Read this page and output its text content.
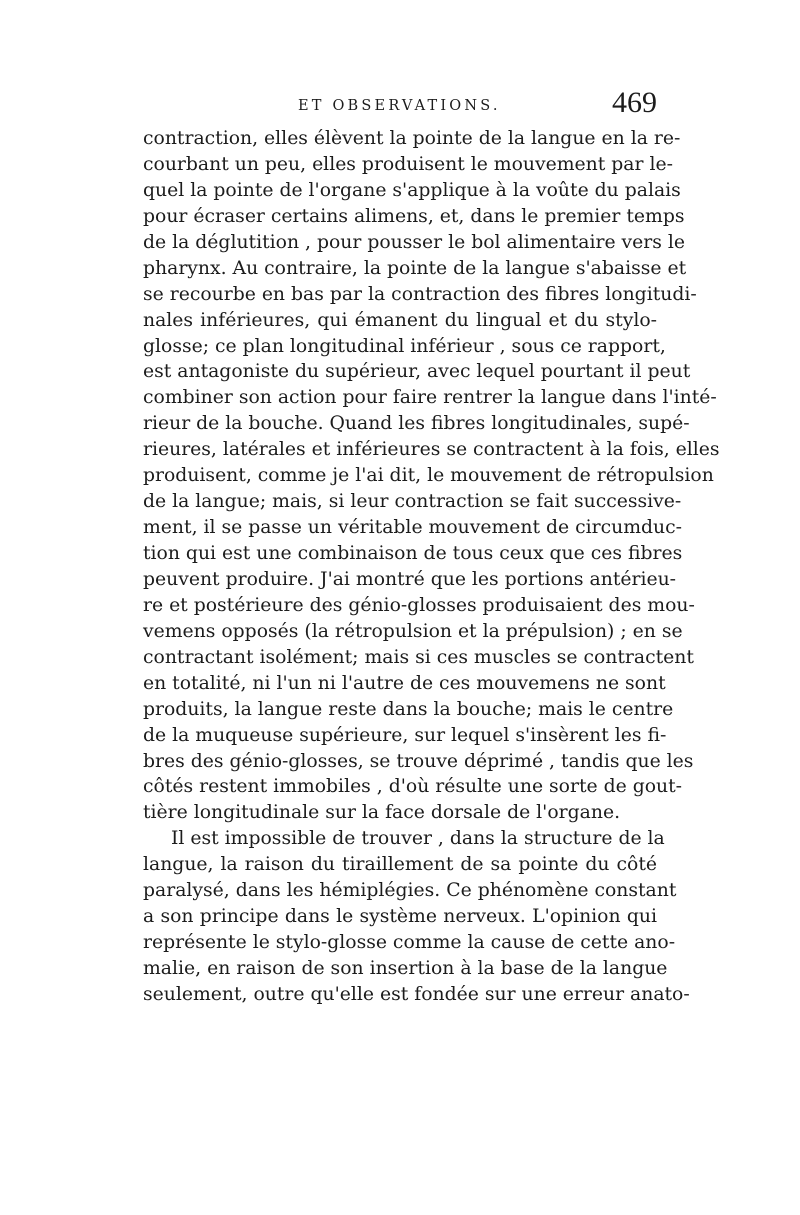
ET OBSERVATIONS.	469
contraction, elles élèvent la pointe de la langue en la re-
courbant un peu, elles produisent le mouvement par le-
quel la pointe de l'organe s'applique à la voûte du palais
pour écraser certains alimens, et, dans le premier temps
de la déglutition , pour pousser le bol alimentaire vers le
pharynx. Au contraire, la pointe de la langue s'abaisse et
se recourbe en bas par la contraction des fibres longitudi-
nales inférieures, qui émanent du lingual et du stylo-
glosse; ce plan longitudinal inférieur , sous ce rapport,
est antagoniste du supérieur, avec lequel pourtant il peut
combiner son action pour faire rentrer la langue dans l'inté-
rieur de la bouche. Quand les fibres longitudinales, supé-
rieures, latérales et inférieures se contractent à la fois, elles
produisent, comme je l'ai dit, le mouvement de rétropulsion
de la langue; mais, si leur contraction se fait successive-
ment, il se passe un véritable mouvement de circumduc-
tion qui est une combinaison de tous ceux que ces fibres
peuvent produire. J'ai montré que les portions antérieu-
re et postérieure des génio-glosses produisaient des mou-
vemens opposés (la rétropulsion et la prépulsion) ; en se
contractant isolément; mais si ces muscles se contractent
en totalité, ni l'un ni l'autre de ces mouvemens ne sont
produits, la langue reste dans la bouche; mais le centre
de la muqueuse supérieure, sur lequel s'insèrent les fi-
bres des génio-glosses, se trouve déprimé , tandis que les
côtés restent immobiles , d'où résulte une sorte de gout-
tière longitudinale sur la face dorsale de l'organe.
Il est impossible de trouver , dans la structure de la
langue, la raison du tiraillement de sa pointe du côté
paralysé, dans les hémiplégies. Ce phénomène constant
a son principe dans le système nerveux. L'opinion qui
représente le stylo-glosse comme la cause de cette ano-
malie, en raison de son insertion à la base de la langue
seulement, outre qu'elle est fondée sur une erreur anato-
